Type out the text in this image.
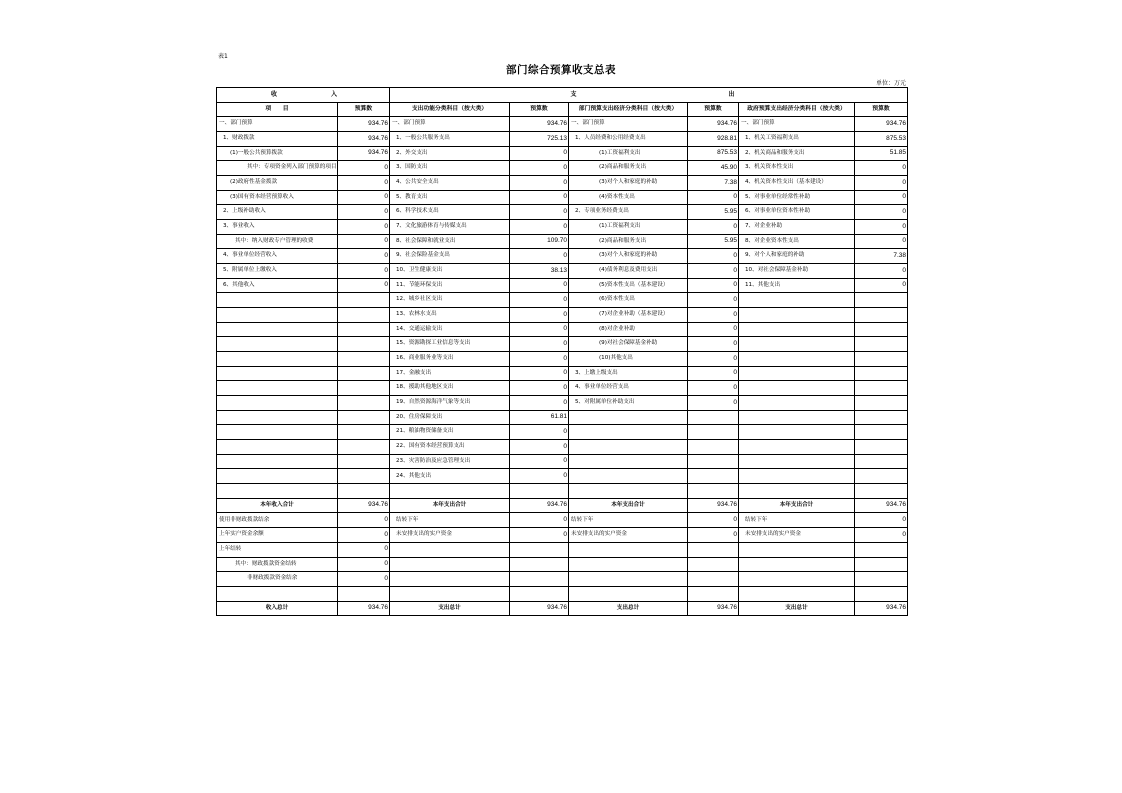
表1
部门综合预算收支总表
单位：万元
收 入		支 出					

项　　目	预算数	支出功能分类科目（按大类）	预算数	部门预算支出经济分类科目（按大类）	预算数	政府预算支出经济分类科目（按大类）	预算数
一、部门预算	934.76	一、部门预算	934.76	一、部门预算	934.76	一、部门预算	934.76
1、财政拨款	934.76	1、一般公共服务支出	725.13	1、人员经费和公用经费支出	928.81	1、机关工资福利支出	875.53
(1)一般公共预算拨款	934.76	2、外交支出	0	(1)工资福利支出	875.53	2、机关商品和服务支出	51.85
其中：专项资金列入部门预算的项目	0	3、国防支出	0	(2)商品和服务支出	45.90	3、机关资本性支出	0
(2)政府性基金拨款	0	4、公共安全支出	0	(3)对个人和家庭的补助	7.38	4、机关资本性支出（基本建设）	0
(3)国有资本经营预算收入	0	5、教育支出	0	(4)资本性支出	0	5、对事业单位经常性补助	0
2、上级补助收入	0	6、科学技术支出	0	2、专项业务经费支出	5.95	6、对事业单位资本性补助	0
3、事业收入	0	7、文化旅游体育与传媒支出	0	(1)工资福利支出	0	7、对企业补助	0
其中：纳入财政专户管理的收费	0	8、社会保障和就业支出	109.70	(2)商品和服务支出	5.95	8、对企业资本性支出	0
4、事业单位经营收入	0	9、社会保险基金支出	0	(3)对个人和家庭的补助	0	9、对个人和家庭的补助	7.38
5、附属单位上缴收入	0	10、卫生健康支出	38.13	(4)债务利息及费用支出	0	10、对社会保障基金补助	0
6、其他收入	0	11、节能环保支出	0	(5)资本性支出（基本建设）	0	11、其他支出	0
		12、城乡社区支出	0	(6)资本性支出	0		
		13、农林水支出	0	(7)对企业补助（基本建设）	0		
		14、交通运输支出	0	(8)对企业补助	0		
		15、资源勘探工业信息等支出	0	(9)对社会保障基金补助	0		
		16、商业服务业等支出	0	(10)其他支出	0		
		17、金融支出	0	3、上缴上级支出	0		
		18、援助其他地区支出	0	4、事业单位经营支出	0		
		19、自然资源海洋气象等支出	0	5、对附属单位补助支出	0		
		20、住房保障支出	61.81				
		21、粮油物资储备支出	0				
		22、国有资本经营预算支出	0				
		23、灾害防治及应急管理支出	0				
		24、其他支出	0				

本年收入合计	934.76	本年支出合计	934.76	本年支出合计	934.76	本年支出合计	934.76
使用非财政拨款结余	0	结转下年	0	结转下年	0	结转下年	0
上年实户资金余额	0	未安排支出的实户资金	0	未安排支出的实户资金	0	未安排支出的实户资金	0
上年结转	0						
其中：财政拨款资金结转	0						
非财政拨款资金结余	0						

收入总计	934.76	支出总计	934.76	支出总计	934.76	支出总计	934.76
